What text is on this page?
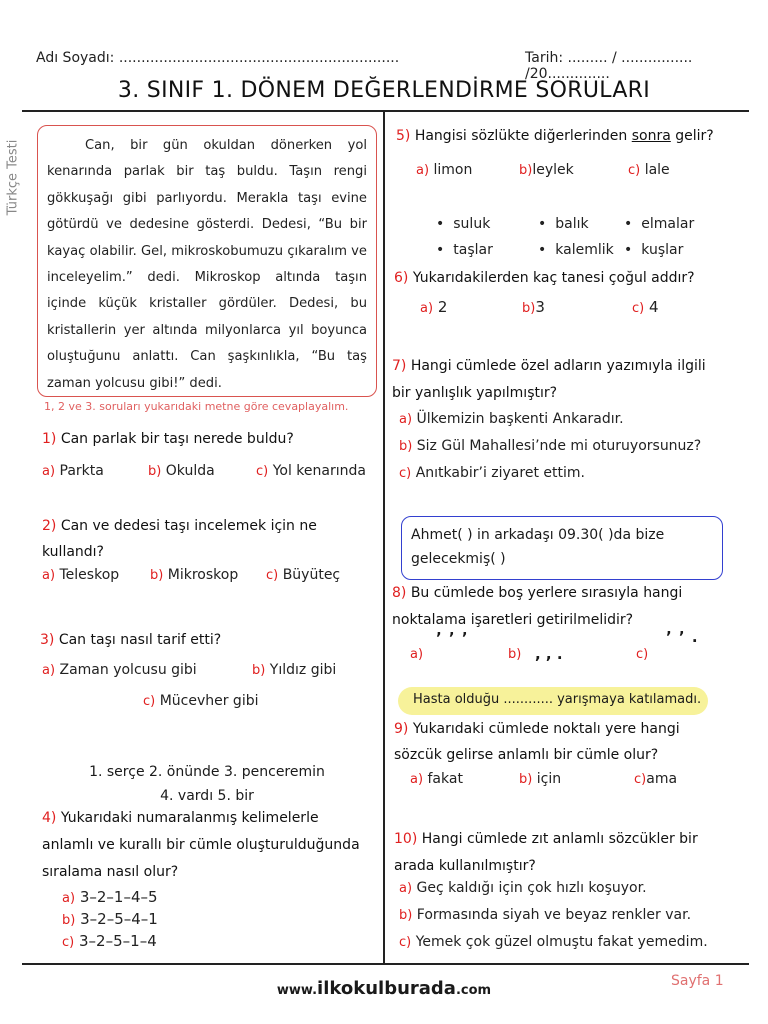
Adı Soyadı: ...............................................................	Tarih: ......... / ................ /20..............
3. SINIF 1. DÖNEM DEĞERLENDİRME SORULARI
Türkçe Testi	Can, bir gün okuldan dönerken yol kenarında parlak bir taş buldu. Taşın rengi gökkuşağı gibi parlıyordu. Merakla taşı evine götürdü ve dedesine gösterdi. Dedesi, “Bu bir kayaç olabilir. Gel, mikroskobumuzu çıkaralım ve inceleyelim.” dedi. Mikroskop altında taşın içinde küçük kristaller gördüler. Dedesi, bu kristallerin yer altında milyonlarca yıl boyunca oluştuğunu anlattı. Can şaşkınlıkla, “Bu taş zaman yolcusu gibi!” dedi.

1, 2 ve 3. soruları yukarıdaki metne göre cevaplayalım.
1) Can parlak bir taşı nerede buldu?
a) Parkta	b) Okulda	c) Yol kenarında
2) Can ve dedesi taşı incelemek için ne
kullandı?
a) Teleskop b) Mikroskop c) Büyüteç
3) Can taşı nasıl tarif etti?
a) Zaman yolcusu gibi	b) Yıldız gibi
c) Mücevher gibi
1. serçe 2. önünde 3. penceremin
4. vardı 5. bir
4) Yukarıdaki numaralanmış kelimelerle
anlamlı ve kurallı bir cümle oluşturulduğunda
sıralama nasıl olur?
a) 3–2–1–4–5
b) 3–2–5–4–1
c) 3–2–5–1–4
5) Hangisi sözlükte diğerlerinden sonra gelir?
a) limon	b)leylek	c) lale
• suluk	• balık	• elmalar
• taşlar	• kalemlik • kuşlar
6) Yukarıdakilerden kaç tanesi çoğul addır?
a) 2	b)3	c) 4
7) Hangi cümlede özel adların yazımıyla ilgili
bir yanlışlık yapılmıştır?
a) Ülkemizin başkenti Ankaradır.
b) Siz Gül Mahallesi’nde mi oturuyorsunuz?
c) Anıtkabir’i ziyaret ettim.

Ahmet( ) in arkadaşı 09.30( )da bize
gelecekmiş( )

8) Bu cümlede boş yerlere sırasıyla hangi
noktalama işaretleri getirilmelidir?
a)
’ ’ ’
b) , , .	c)
’ ’ .
Hasta olduğu ............ yarışmaya katılamadı.
9) Yukarıdaki cümlede noktalı yere hangi
sözcük gelirse anlamlı bir cümle olur?
a) fakat	b) için	c)ama
10) Hangi cümlede zıt anlamlı sözcükler bir
arada kullanılmıştır?
a) Geç kaldığı için çok hızlı koşuyor.
b) Formasında siyah ve beyaz renkler var.
c) Yemek çok güzel olmuştu fakat yemedim.
www.ilkokulburada.com
Sayfa 1
